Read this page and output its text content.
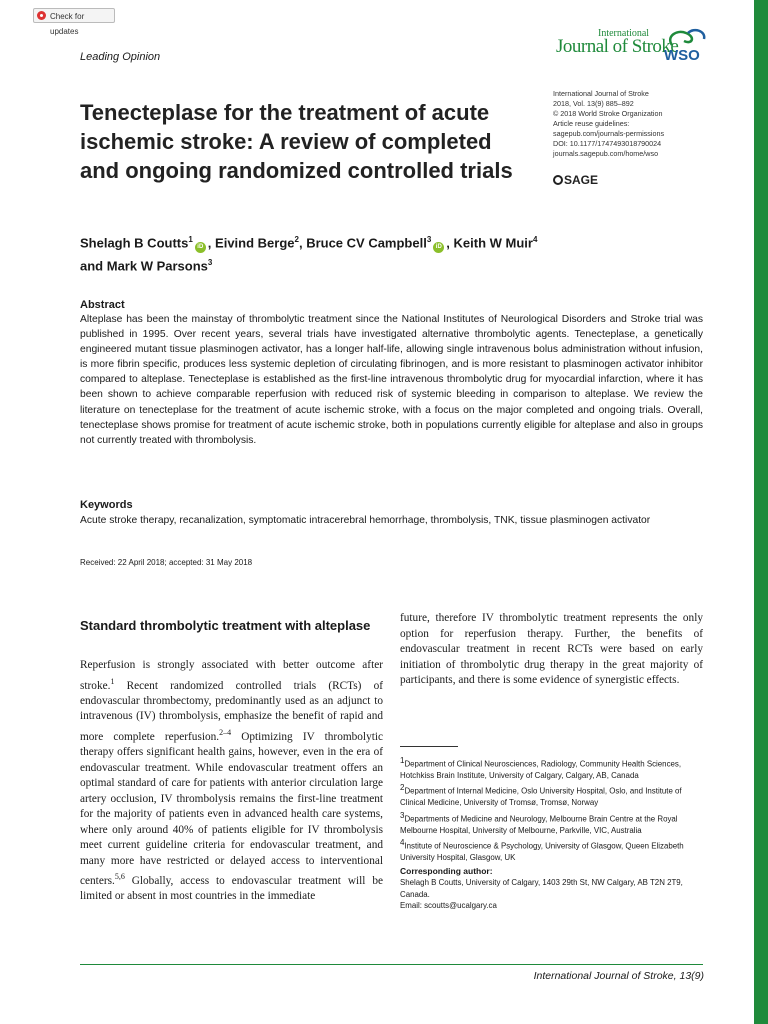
Check for updates
Leading Opinion
International
Journal of Stroke
WSO
International Journal of Stroke
2018, Vol. 13(9) 885–892
© 2018 World Stroke Organization
Article reuse guidelines:
sagepub.com/journals-permissions
DOI: 10.1177/1747493018790024
journals.sagepub.com/home/wso
SAGE
Tenecteplase for the treatment of acute ischemic stroke: A review of completed and ongoing randomized controlled trials
Shelagh B Coutts$^1$iD , Eivind Berge$^2$, Bruce CV Campbell$^3$iD , Keith W Muir$^4$ and Mark W Parsons$^3$
Abstract
Alteplase has been the mainstay of thrombolytic treatment since the National Institutes of Neurological Disorders and Stroke trial was published in 1995. Over recent years, several trials have investigated alternative thrombolytic agents. Tenecteplase, a genetically engineered mutant tissue plasminogen activator, has a longer half-life, allowing single intravenous bolus administration without infusion, is more fibrin specific, produces less systemic depletion of circulating fibrinogen, and is more resistant to plasminogen activator inhibitor compared to alteplase. Tenecteplase is established as the first-line intravenous thrombolytic drug for myocardial infarction, where it has been shown to achieve comparable reperfusion with reduced risk of systemic bleeding in comparison to alteplase. We review the literature on tenecteplase for the treatment of acute ischemic stroke, with a focus on the major completed and ongoing trials. Overall, tenecteplase shows promise for treatment of acute ischemic stroke, both in populations currently eligible for alteplase and also in groups not currently treated with thrombolysis.
Keywords
Acute stroke therapy, recanalization, symptomatic intracerebral hemorrhage, thrombolysis, TNK, tissue plasminogen activator
Received: 22 April 2018; accepted: 31 May 2018
Standard thrombolytic treatment with alteplase
Reperfusion is strongly associated with better outcome after stroke.$^1$ Recent randomized controlled trials (RCTs) of endovascular thrombectomy, predominantly used as an adjunct to intravenous (IV) thrombolysis, emphasize the benefit of rapid and more complete reperfusion.$^{2-4}$ Optimizing IV thrombolytic therapy offers significant health gains, however, even in the era of endovascular treatment. While endovascular treatment offers an optimal standard of care for patients with anterior circulation large artery occlusion, IV thrombolysis remains the first-line treatment for the majority of patients even in advanced health care systems, where only around 40% of patients eligible for IV thrombolysis meet current guideline criteria for endovascular treatment, and many more have restricted or delayed access to interventional centers.$^{5,6}$ Globally, access to endovascular treatment will be limited or absent in most countries in the immediate
future, therefore IV thrombolytic treatment represents the only option for reperfusion therapy. Further, the benefits of endovascular treatment in recent RCTs were based on early initiation of thrombolytic drug therapy in the great majority of participants, and there is some evidence of synergistic effects.

$^1$Department of Clinical Neurosciences, Radiology, Community Health Sciences, Hotchkiss Brain Institute, University of Calgary, Calgary, AB, Canada

$^2$Department of Internal Medicine, Oslo University Hospital, Oslo, and Institute of Clinical Medicine, University of Tromsø, Tromsø, Norway

$^3$Departments of Medicine and Neurology, Melbourne Brain Centre at the Royal Melbourne Hospital, University of Melbourne, Parkville, VIC, Australia

$^4$Institute of Neuroscience & Psychology, University of Glasgow, Queen Elizabeth University Hospital, Glasgow, UK

Corresponding author:
Shelagh B Coutts, University of Calgary, 1403 29th St, NW Calgary, AB T2N 2T9, Canada.
Email: scoutts@ucalgary.ca
International Journal of Stroke, 13(9)
